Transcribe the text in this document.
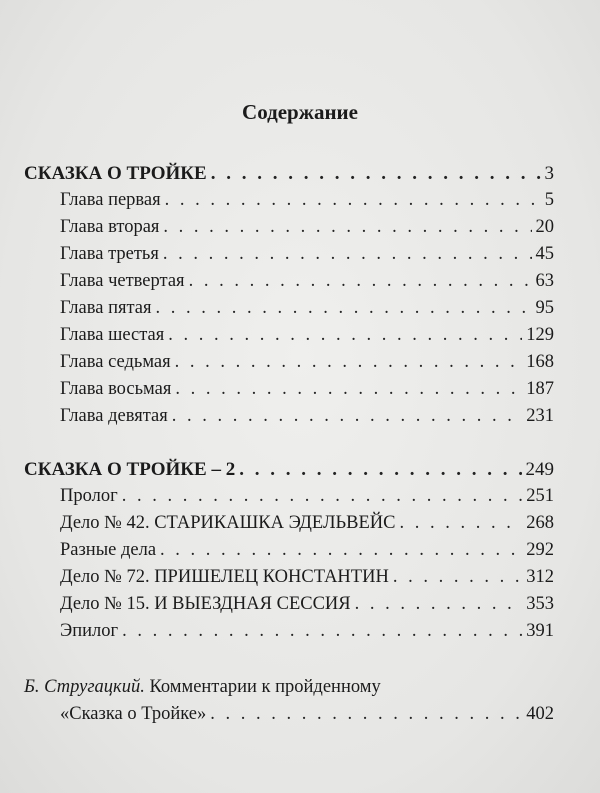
Содержание
СКАЗКА О ТРОЙКЕ . . .	3
Глава первая . . .	5
Глава вторая . . .	20
Глава третья . . .	45
Глава четвертая . . .	63
Глава пятая . . .	95
Глава шестая . . .	129
Глава седьмая . . .	168
Глава восьмая . . .	187
Глава девятая . . .	231
СКАЗКА О ТРОЙКЕ – 2 . . .	249
Пролог . . .	251
Дело № 42. СТАРИКАШКА ЭДЕЛЬВЕЙС . . .	268
Разные дела . . .	292
Дело № 72. ПРИШЕЛЕЦ КОНСТАНТИН . . .	312
Дело № 15. И ВЫЕЗДНАЯ СЕССИЯ . . .	353
Эпилог . . .	391
Б. Стругацкий. Комментарии к пройденному
«Сказка о Тройке» . . .	402
